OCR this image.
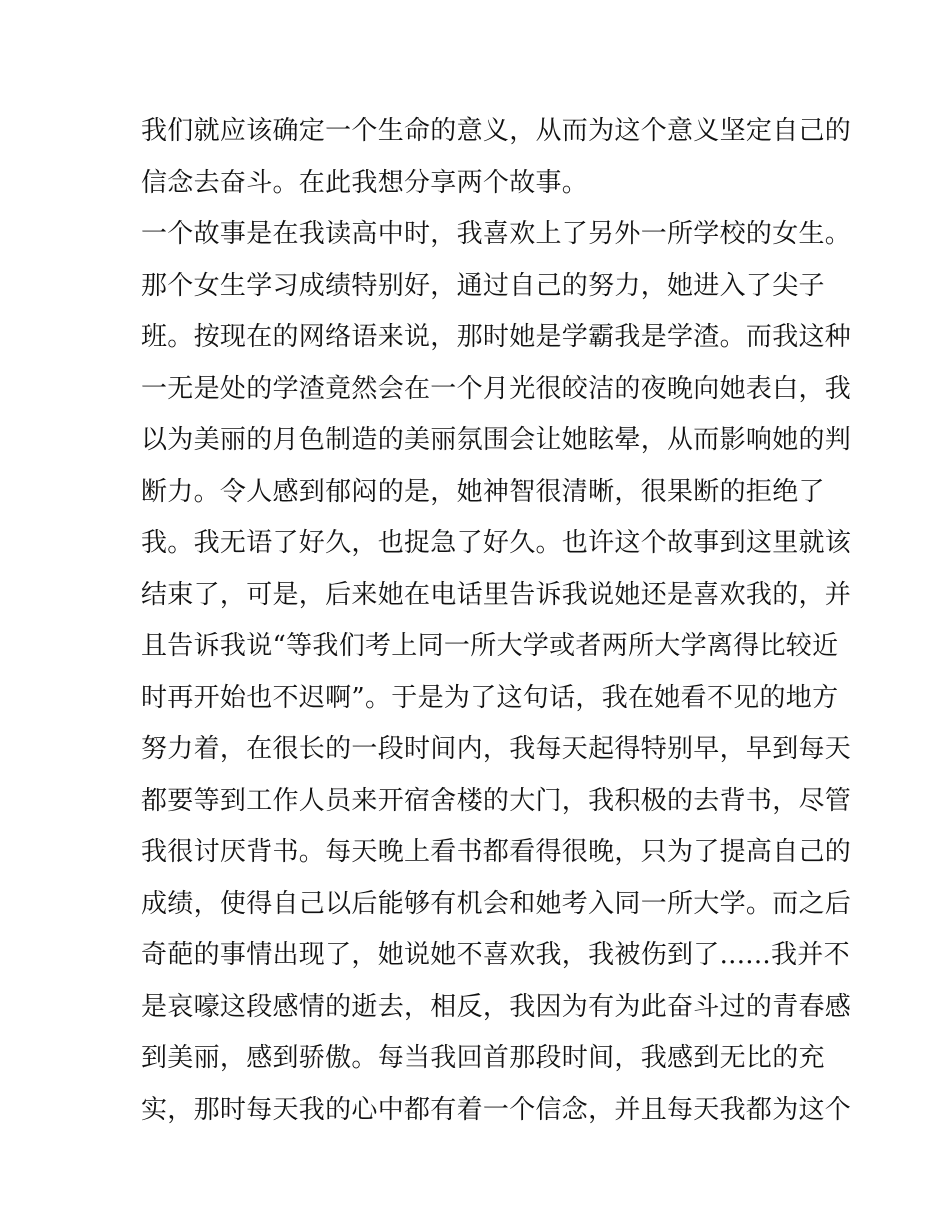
我们就应该确定一个生命的意义，从而为这个意义坚定自己的

信念去奋斗。在此我想分享两个故事。

一个故事是在我读高中时，我喜欢上了另外一所学校的女生。

那个女生学习成绩特别好，通过自己的努力，她进入了尖子

班。按现在的网络语来说，那时她是学霸我是学渣。而我这种

一无是处的学渣竟然会在一个月光很皎洁的夜晚向她表白，我

以为美丽的月色制造的美丽氛围会让她眩晕，从而影响她的判

断力。令人感到郁闷的是，她神智很清晰，很果断的拒绝了

我。我无语了好久，也捉急了好久。也许这个故事到这里就该

结束了，可是，后来她在电话里告诉我说她还是喜欢我的，并

且告诉我说“等我们考上同一所大学或者两所大学离得比较近

时再开始也不迟啊”。于是为了这句话，我在她看不见的地方

努力着，在很长的一段时间内，我每天起得特别早，早到每天

都要等到工作人员来开宿舍楼的大门，我积极的去背书，尽管

我很讨厌背书。每天晚上看书都看得很晚，只为了提高自己的

成绩，使得自己以后能够有机会和她考入同一所大学。而之后

奇葩的事情出现了，她说她不喜欢我，我被伤到了......我并不

是哀嚎这段感情的逝去，相反，我因为有为此奋斗过的青春感

到美丽，感到骄傲。每当我回首那段时间，我感到无比的充

实，那时每天我的心中都有着一个信念，并且每天我都为这个
